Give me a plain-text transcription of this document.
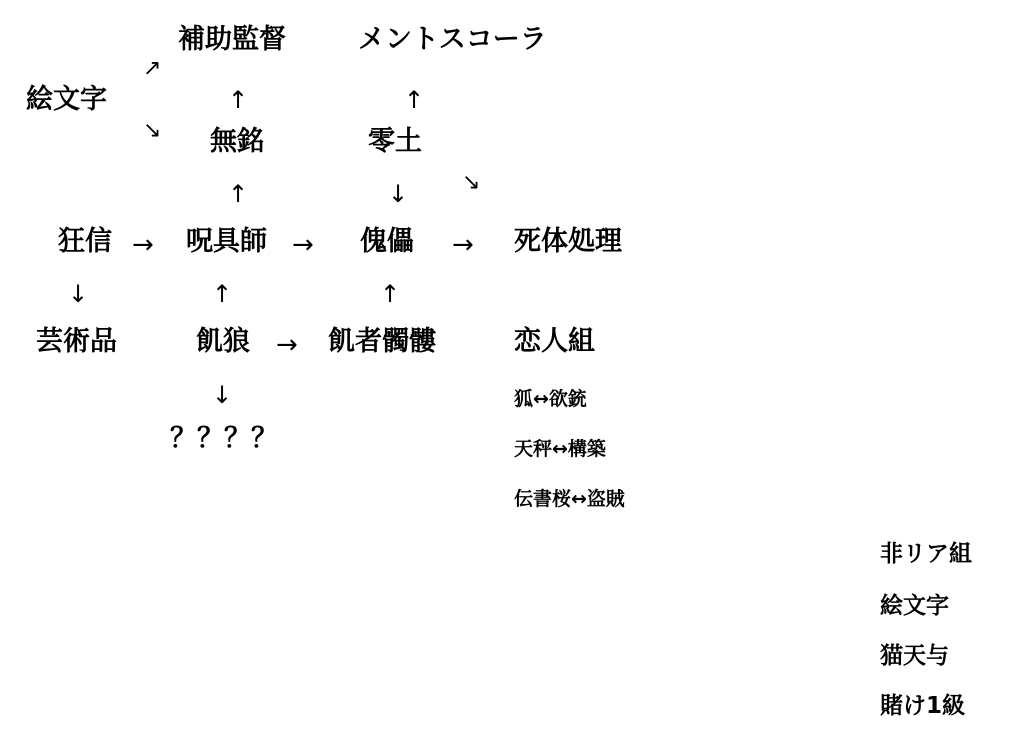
補助監督	メントスコーラ
絵文字
無銘	零土
狂信	呪具師	傀儡	死体処理
芸術品	飢狼	飢者髑髏
？？？？
恋人組
狐↔欲銃
天秤↔構築
伝書桜↔盗賊
非リア組
絵文字
猫天与
賭け1級
↗
↘
↑	↑
↑	↓ ↘
→	→	→
↓	↑	↑
→
↓
